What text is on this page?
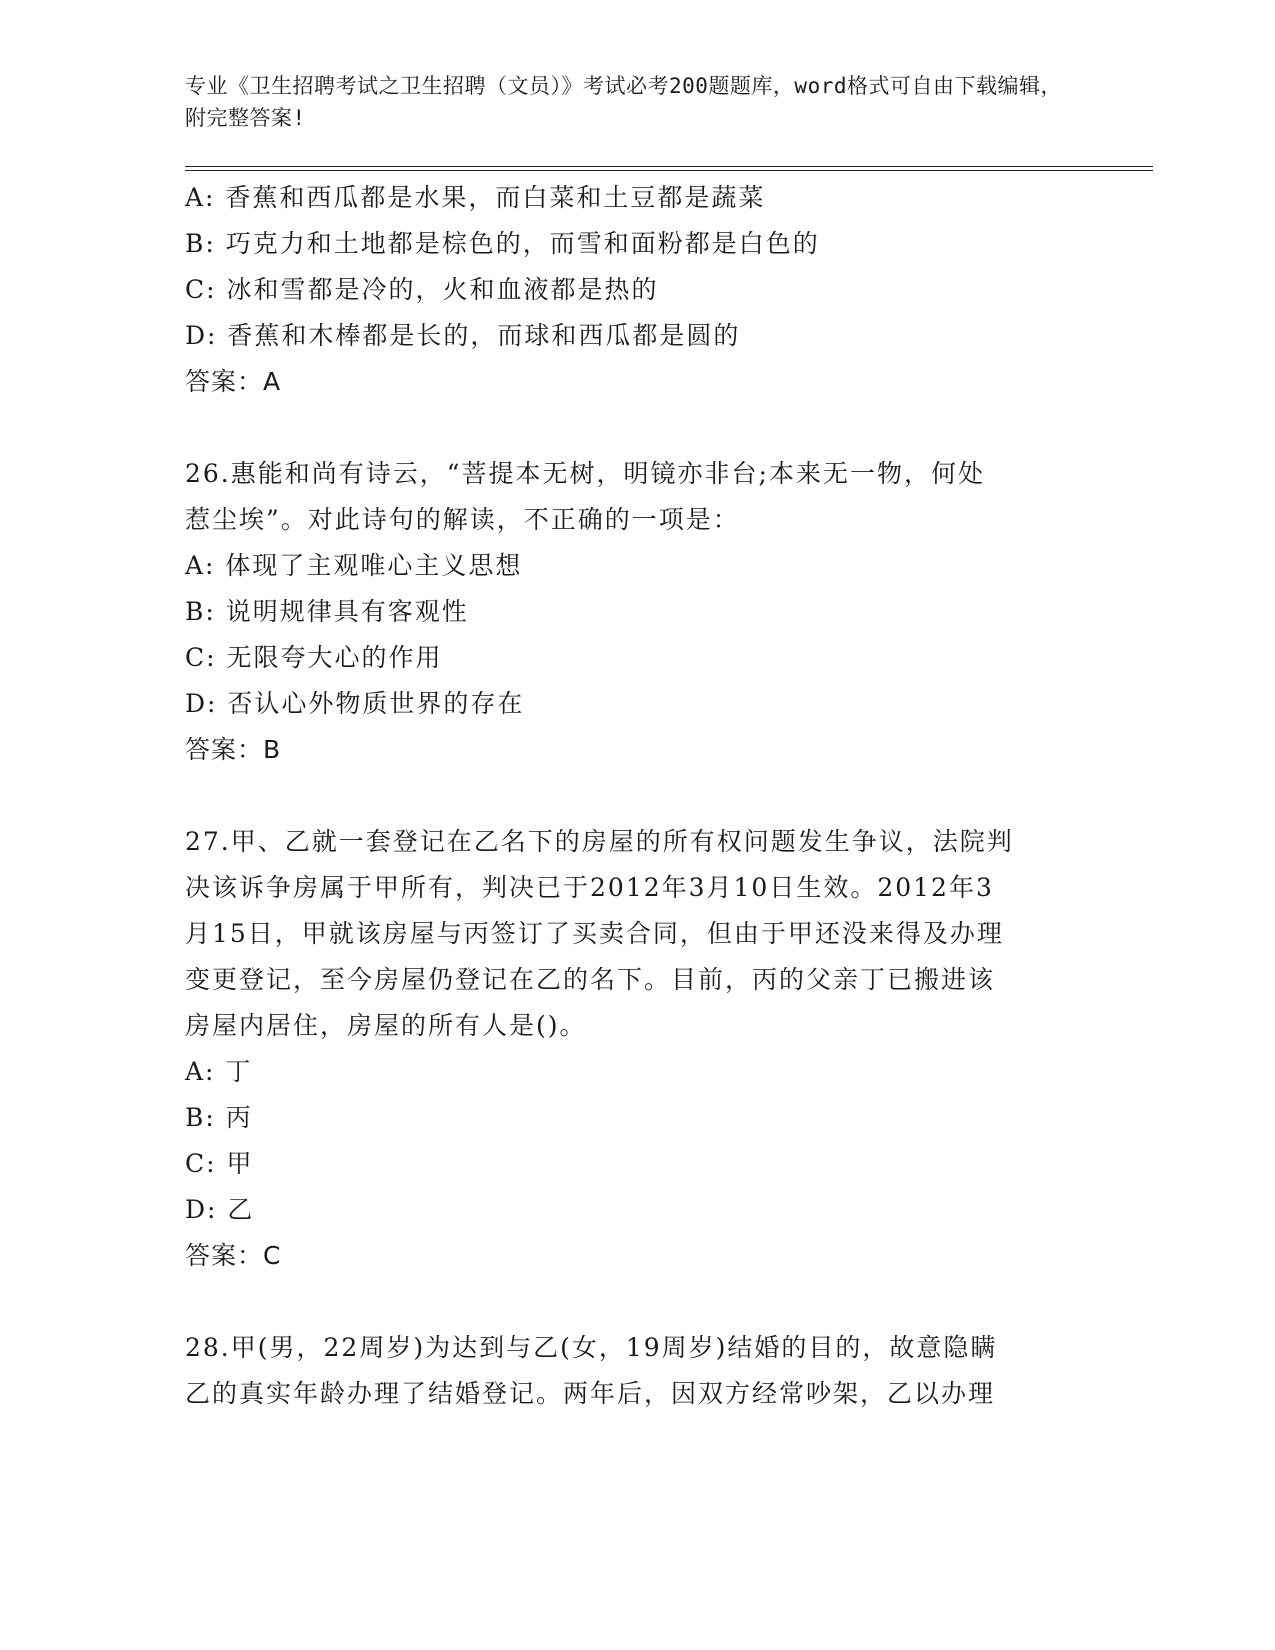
专业《卫生招聘考试之卫生招聘（文员）》考试必考200题题库，word格式可自由下载编辑，附完整答案!
A: 香蕉和西瓜都是水果，而白菜和土豆都是蔬菜
B: 巧克力和土地都是棕色的，而雪和面粉都是白色的
C: 冰和雪都是冷的，火和血液都是热的
D: 香蕉和木棒都是长的，而球和西瓜都是圆的
答案：A
26.惠能和尚有诗云，“菩提本无树，明镜亦非台;本来无一物，何处
惹尘埃”。对此诗句的解读，不正确的一项是：
A: 体现了主观唯心主义思想
B: 说明规律具有客观性
C: 无限夸大心的作用
D: 否认心外物质世界的存在
答案：B
27.甲、乙就一套登记在乙名下的房屋的所有权问题发生争议，法院判
决该诉争房属于甲所有，判决已于2012年3月10日生效。2012年3
月15日，甲就该房屋与丙签订了买卖合同，但由于甲还没来得及办理
变更登记，至今房屋仍登记在乙的名下。目前，丙的父亲丁已搬进该
房屋内居住，房屋的所有人是()。
A: 丁
B: 丙
C: 甲
D: 乙
答案：C
28.甲(男，22周岁)为达到与乙(女，19周岁)结婚的目的，故意隐瞒
乙的真实年龄办理了结婚登记。两年后，因双方经常吵架，乙以办理
